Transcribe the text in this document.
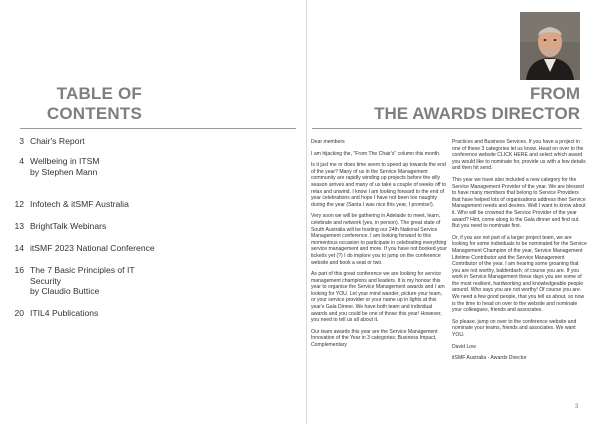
TABLE OF
CONTENTS
3 Chair's Report
4 Wellbeing in ITSM
by Stephen Mann
12 Infotech & itSMF Australia
13 BrightTalk Webinars
14 itSMF 2023 National Conference
16 The 7 Basic Principles of IT
Security
by Claudio Buttice
20 ITIL4 Publications
FROM
THE AWARDS DIRECTOR

Dear members

I am hijacking the, "From The Chair's" column this month.

Is it just me or does time seem to speed up towards the end of the year? Many of us in the Service Management community are rapidly winding up projects before the silly season arrives and many of us take a couple of weeks off to relax and unwind. I know I am looking forward to the end of year celebrations and hope I have not been too naughty during the year (Santa I was nice this year, I promise!).

Very soon we will be gathering in Adelaide to meet, learn, celebrate and network (yes, in person). The great state of South Australia will be hosting our 24th National Service Management conference. I am looking forward to this momentous occasion to participate in celebrating everything service management and more. If you have not booked your ticket/s yet (?) I do implore you to jump on the conference website and book a seat or two.

As part of this great conference we are looking for service management champions and leaders. It is my honour this year to organise the Service Management awards and I am looking for YOU. Let your mind wander, picture your team, or your service provider or your name up in lights at this year's Gala Dinner. We have both team and individual awards and you could be one of those this year! However, you need to tell us all about it.

Our team awards this year are the Service Management Innovation of the Year in 3 categories; Business Impact, Complementary

Practices and Business Services. If you have a project in one of these 3 categories let us know. Head on over to the conference website CLICK HERE and select which award you would like to nominate for, provide us with a few details and then hit send.

This year we have also included a new category for the Service Management Provider of the year. We are blessed to have many members that belong to Service Providers that have helped lots of organisations address their Service Management needs and desires. Well I want to know about it. Who will be crowned the Service Provider of the year award? Hint, come along to the Gala dinner and find out. But you need to nominate first.

Or, if you are not part of a larger project team, we are looking for some individuals to be nominated for the Service Management Champion of the year, Service Management Lifetime Contributor and the Service Management Contributor of the year. I am hearing some groaning that you are not worthy, balderdash; of course you are. If you work in Service Management these days you are some of the most resilient, hardworking and knowledgeable people around. Who says you are not worthy! Of course you are. We need a few good people, that you tell us about, so now is the time to head on over to the website and nominate your colleagues, friends and associates.

So please, jump on over to the conference website and nominate your teams, friends and associates. We want YOU.

David Low

itSMF Australia - Awards Director

3
